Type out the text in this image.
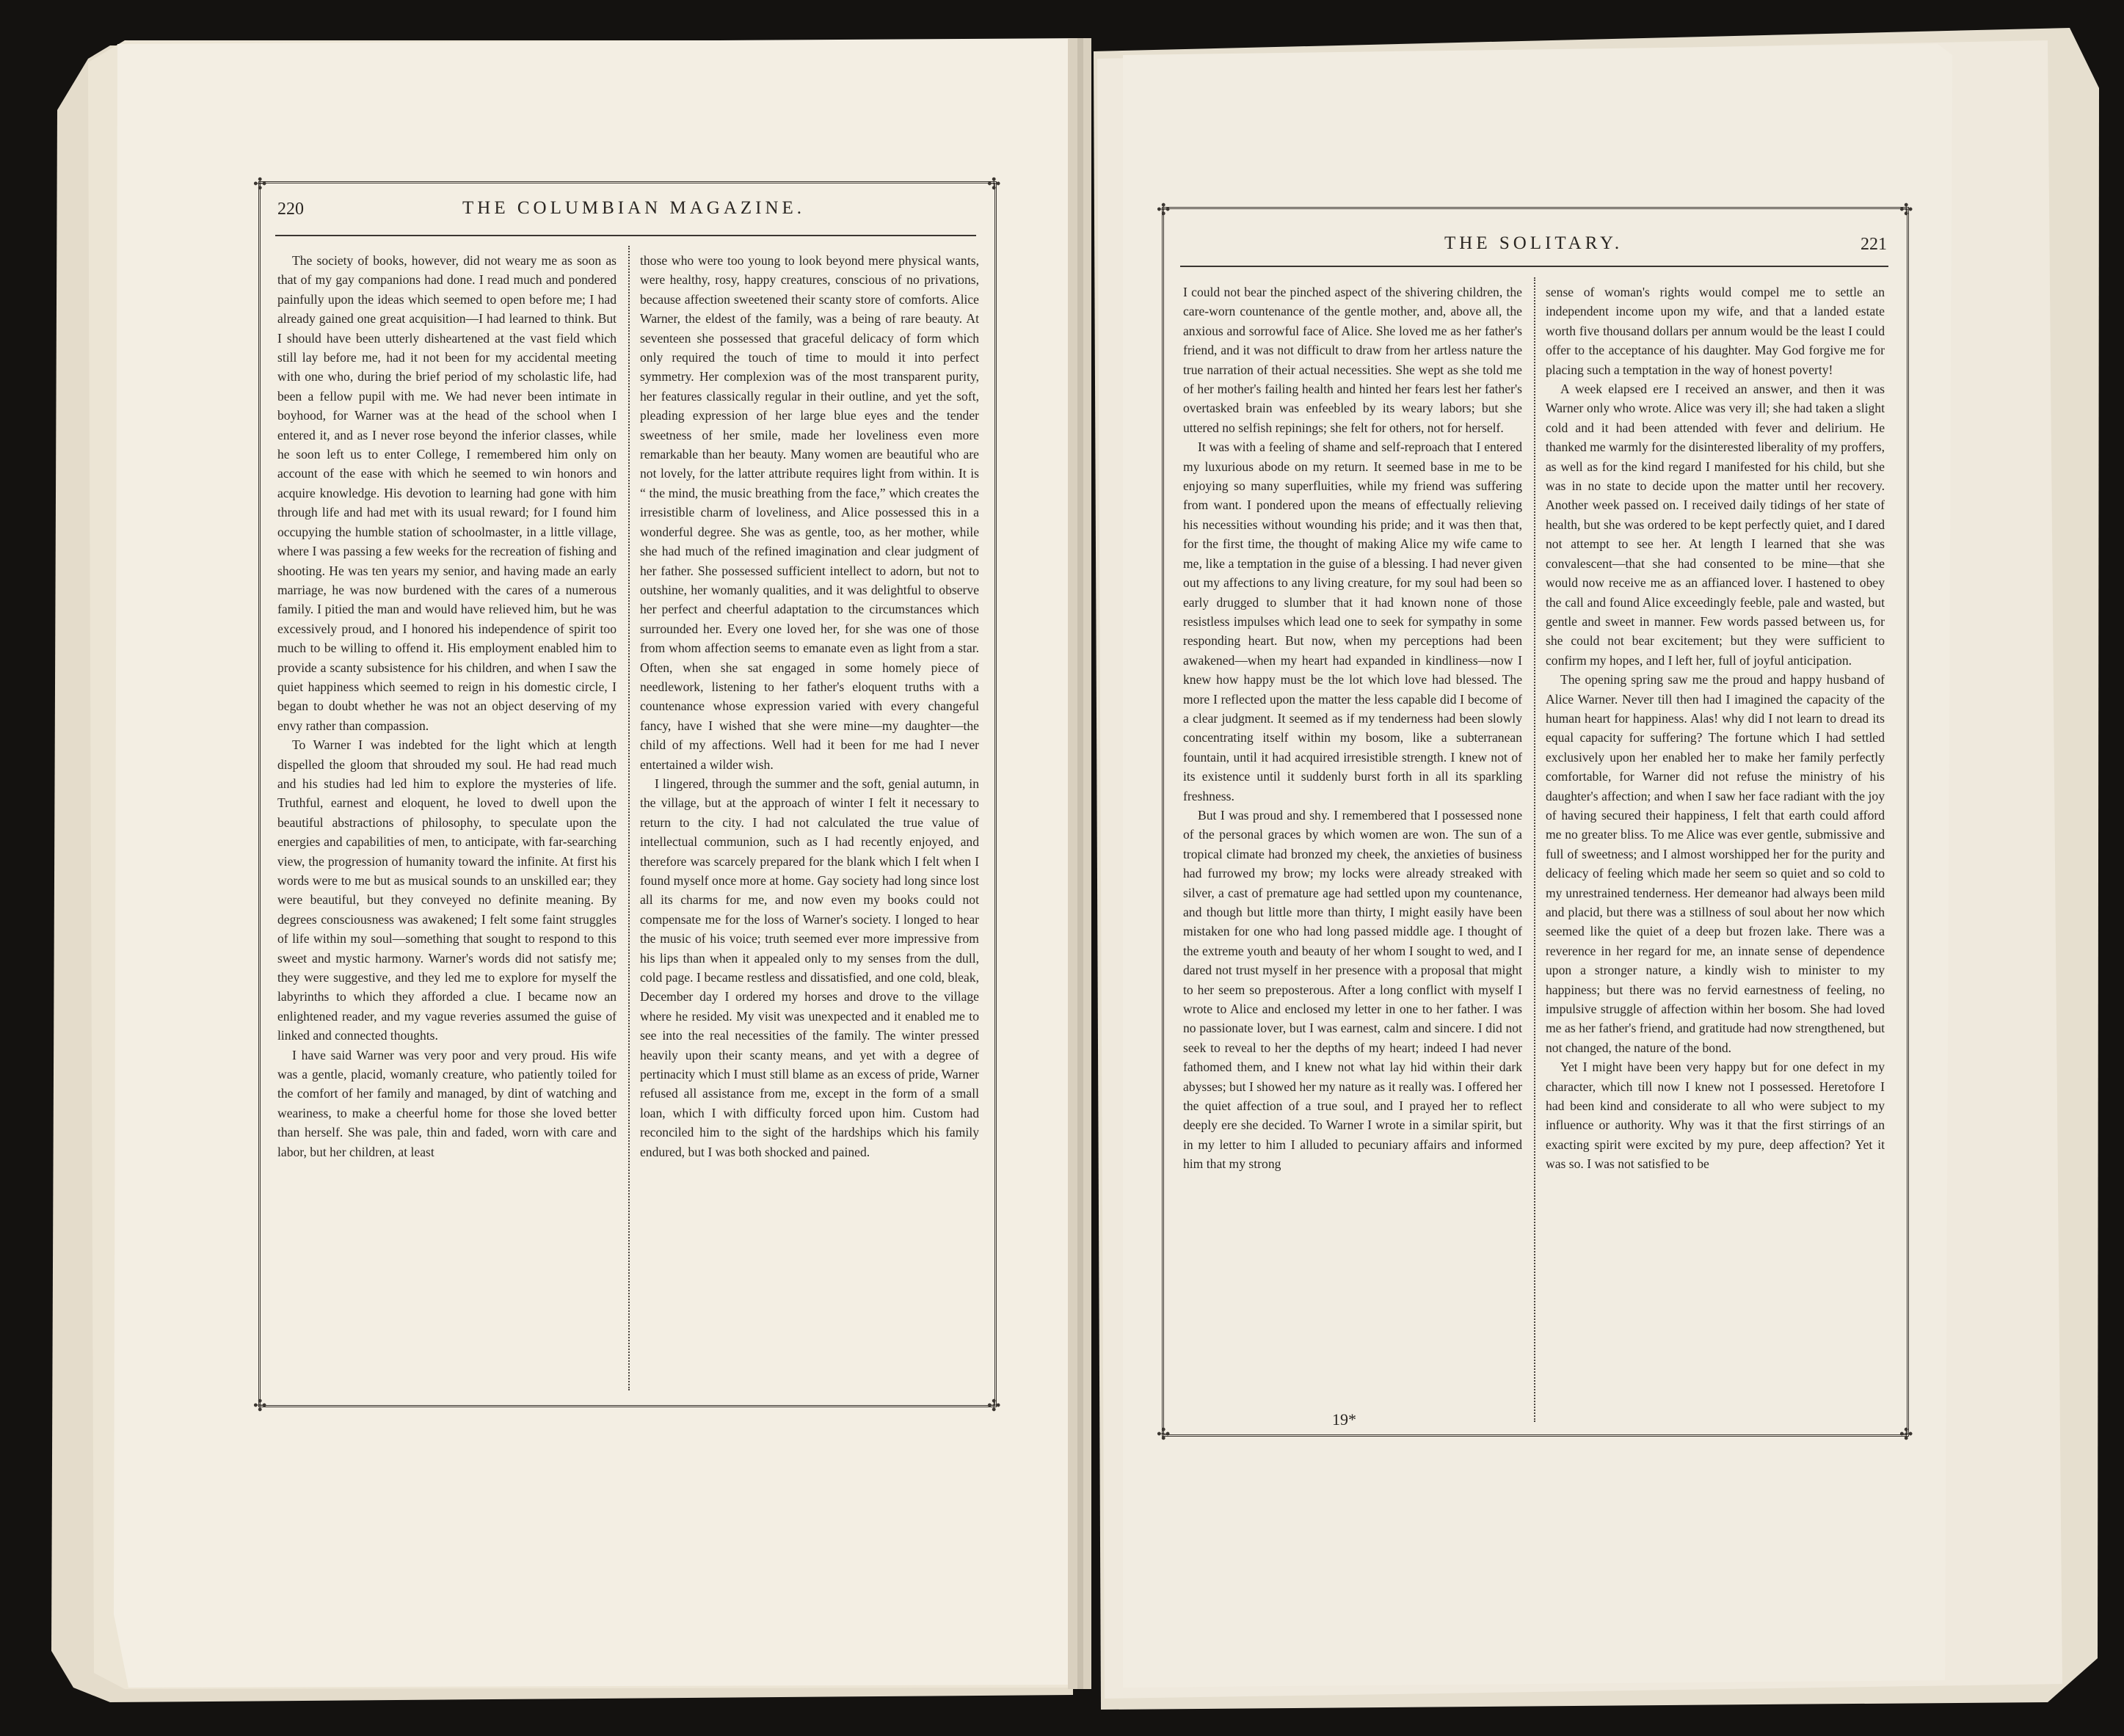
✣	✣
✣	✣
220	THE COLUMBIAN MAGAZINE.

The society of books, however, did not weary me as soon as that of my gay companions had done. I read much and pondered painfully upon the ideas which seemed to open before me; I had already gained one great acquisition—I had learned to think. But I should have been utterly disheartened at the vast field which still lay before me, had it not been for my accidental meeting with one who, during the brief period of my scholastic life, had been a fellow pupil with me. We had never been intimate in boyhood, for Warner was at the head of the school when I entered it, and as I never rose beyond the inferior classes, while he soon left us to enter College, I remembered him only on account of the ease with which he seemed to win honors and acquire knowledge. His devotion to learning had gone with him through life and had met with its usual reward; for I found him occupying the humble station of schoolmaster, in a little village, where I was passing a few weeks for the recreation of fishing and shooting. He was ten years my senior, and having made an early marriage, he was now burdened with the cares of a numerous family. I pitied the man and would have relieved him, but he was excessively proud, and I honored his independence of spirit too much to be willing to offend it. His employment enabled him to provide a scanty subsistence for his children, and when I saw the quiet happiness which seemed to reign in his domestic circle, I began to doubt whether he was not an object deserving of my envy rather than compassion.

To Warner I was indebted for the light which at length dispelled the gloom that shrouded my soul. He had read much and his studies had led him to explore the mysteries of life. Truthful, earnest and eloquent, he loved to dwell upon the beautiful abstractions of philosophy, to speculate upon the energies and capabilities of men, to anticipate, with far-searching view, the progression of humanity toward the infinite. At first his words were to me but as musical sounds to an unskilled ear; they were beautiful, but they conveyed no definite meaning. By degrees consciousness was awakened; I felt some faint struggles of life within my soul—something that sought to respond to this sweet and mystic harmony. Warner's words did not satisfy me; they were suggestive, and they led me to explore for myself the labyrinths to which they afforded a clue. I became now an enlightened reader, and my vague reveries assumed the guise of linked and connected thoughts.

I have said Warner was very poor and very proud. His wife was a gentle, placid, womanly creature, who patiently toiled for the comfort of her family and managed, by dint of watching and weariness, to make a cheerful home for those she loved better than herself. She was pale, thin and faded, worn with care and labor, but her children, at least

those who were too young to look beyond mere physical wants, were healthy, rosy, happy creatures, conscious of no privations, because affection sweetened their scanty store of comforts. Alice Warner, the eldest of the family, was a being of rare beauty. At seventeen she possessed that graceful delicacy of form which only required the touch of time to mould it into perfect symmetry. Her complexion was of the most transparent purity, her features classically regular in their outline, and yet the soft, pleading expression of her large blue eyes and the tender sweetness of her smile, made her loveliness even more remarkable than her beauty. Many women are beautiful who are not lovely, for the latter attribute requires light from within. It is “ the mind, the music breathing from the face,” which creates the irresistible charm of loveliness, and Alice possessed this in a wonderful degree. She was as gentle, too, as her mother, while she had much of the refined imagination and clear judgment of her father. She possessed sufficient intellect to adorn, but not to outshine, her womanly qualities, and it was delightful to observe her perfect and cheerful adaptation to the circumstances which surrounded her. Every one loved her, for she was one of those from whom affection seems to emanate even as light from a star. Often, when she sat engaged in some homely piece of needlework, listening to her father's eloquent truths with a countenance whose expression varied with every changeful fancy, have I wished that she were mine—my daughter—the child of my affections. Well had it been for me had I never entertained a wilder wish.

I lingered, through the summer and the soft, genial autumn, in the village, but at the approach of winter I felt it necessary to return to the city. I had not calculated the true value of intellectual communion, such as I had recently enjoyed, and therefore was scarcely prepared for the blank which I felt when I found myself once more at home. Gay society had long since lost all its charms for me, and now even my books could not compensate me for the loss of Warner's society. I longed to hear the music of his voice; truth seemed ever more impressive from his lips than when it appealed only to my senses from the dull, cold page. I became restless and dissatisfied, and one cold, bleak, December day I ordered my horses and drove to the village where he resided. My visit was unexpected and it enabled me to see into the real necessities of the family. The winter pressed heavily upon their scanty means, and yet with a degree of pertinacity which I must still blame as an excess of pride, Warner refused all assistance from me, except in the form of a small loan, which I with difficulty forced upon him. Custom had reconciled him to the sight of the hardships which his family endured, but I was both shocked and pained.

✣	✣
✣	✣
THE SOLITARY.	221

I could not bear the pinched aspect of the shivering children, the care-worn countenance of the gentle mother, and, above all, the anxious and sorrowful face of Alice. She loved me as her father's friend, and it was not difficult to draw from her artless nature the true narration of their actual necessities. She wept as she told me of her mother's failing health and hinted her fears lest her father's overtasked brain was enfeebled by its weary labors; but she uttered no selfish repinings; she felt for others, not for herself.

It was with a feeling of shame and self-reproach that I entered my luxurious abode on my return. It seemed base in me to be enjoying so many superfluities, while my friend was suffering from want. I pondered upon the means of effectually relieving his necessities without wounding his pride; and it was then that, for the first time, the thought of making Alice my wife came to me, like a temptation in the guise of a blessing. I had never given out my affections to any living creature, for my soul had been so early drugged to slumber that it had known none of those resistless impulses which lead one to seek for sympathy in some responding heart. But now, when my perceptions had been awakened—when my heart had expanded in kindliness—now I knew how happy must be the lot which love had blessed. The more I reflected upon the matter the less capable did I become of a clear judgment. It seemed as if my tenderness had been slowly concentrating itself within my bosom, like a subterranean fountain, until it had acquired irresistible strength. I knew not of its existence until it suddenly burst forth in all its sparkling freshness.

But I was proud and shy. I remembered that I possessed none of the personal graces by which women are won. The sun of a tropical climate had bronzed my cheek, the anxieties of business had furrowed my brow; my locks were already streaked with silver, a cast of premature age had settled upon my countenance, and though but little more than thirty, I might easily have been mistaken for one who had long passed middle age. I thought of the extreme youth and beauty of her whom I sought to wed, and I dared not trust myself in her presence with a proposal that might to her seem so preposterous. After a long conflict with myself I wrote to Alice and enclosed my letter in one to her father. I was no passionate lover, but I was earnest, calm and sincere. I did not seek to reveal to her the depths of my heart; indeed I had never fathomed them, and I knew not what lay hid within their dark abysses; but I showed her my nature as it really was. I offered her the quiet affection of a true soul, and I prayed her to reflect deeply ere she decided. To Warner I wrote in a similar spirit, but in my letter to him I alluded to pecuniary affairs and informed him that my strong

sense of woman's rights would compel me to settle an independent income upon my wife, and that a landed estate worth five thousand dollars per annum would be the least I could offer to the acceptance of his daughter. May God forgive me for placing such a temptation in the way of honest poverty!

A week elapsed ere I received an answer, and then it was Warner only who wrote. Alice was very ill; she had taken a slight cold and it had been attended with fever and delirium. He thanked me warmly for the disinterested liberality of my proffers, as well as for the kind regard I manifested for his child, but she was in no state to decide upon the matter until her recovery. Another week passed on. I received daily tidings of her state of health, but she was ordered to be kept perfectly quiet, and I dared not attempt to see her. At length I learned that she was convalescent—that she had consented to be mine—that she would now receive me as an affianced lover. I hastened to obey the call and found Alice exceedingly feeble, pale and wasted, but gentle and sweet in manner. Few words passed between us, for she could not bear excitement; but they were sufficient to confirm my hopes, and I left her, full of joyful anticipation.

The opening spring saw me the proud and happy husband of Alice Warner. Never till then had I imagined the capacity of the human heart for happiness. Alas! why did I not learn to dread its equal capacity for suffering? The fortune which I had settled exclusively upon her enabled her to make her family perfectly comfortable, for Warner did not refuse the ministry of his daughter's affection; and when I saw her face radiant with the joy of having secured their happiness, I felt that earth could afford me no greater bliss. To me Alice was ever gentle, submissive and full of sweetness; and I almost worshipped her for the purity and delicacy of feeling which made her seem so quiet and so cold to my unrestrained tenderness. Her demeanor had always been mild and placid, but there was a stillness of soul about her now which seemed like the quiet of a deep but frozen lake. There was a reverence in her regard for me, an innate sense of dependence upon a stronger nature, a kindly wish to minister to my happiness; but there was no fervid earnestness of feeling, no impulsive struggle of affection within her bosom. She had loved me as her father's friend, and gratitude had now strengthened, but not changed, the nature of the bond.

Yet I might have been very happy but for one defect in my character, which till now I knew not I possessed. Heretofore I had been kind and considerate to all who were subject to my influence or authority. Why was it that the first stirrings of an exacting spirit were excited by my pure, deep affection? Yet it was so. I was not satisfied to be

19*
